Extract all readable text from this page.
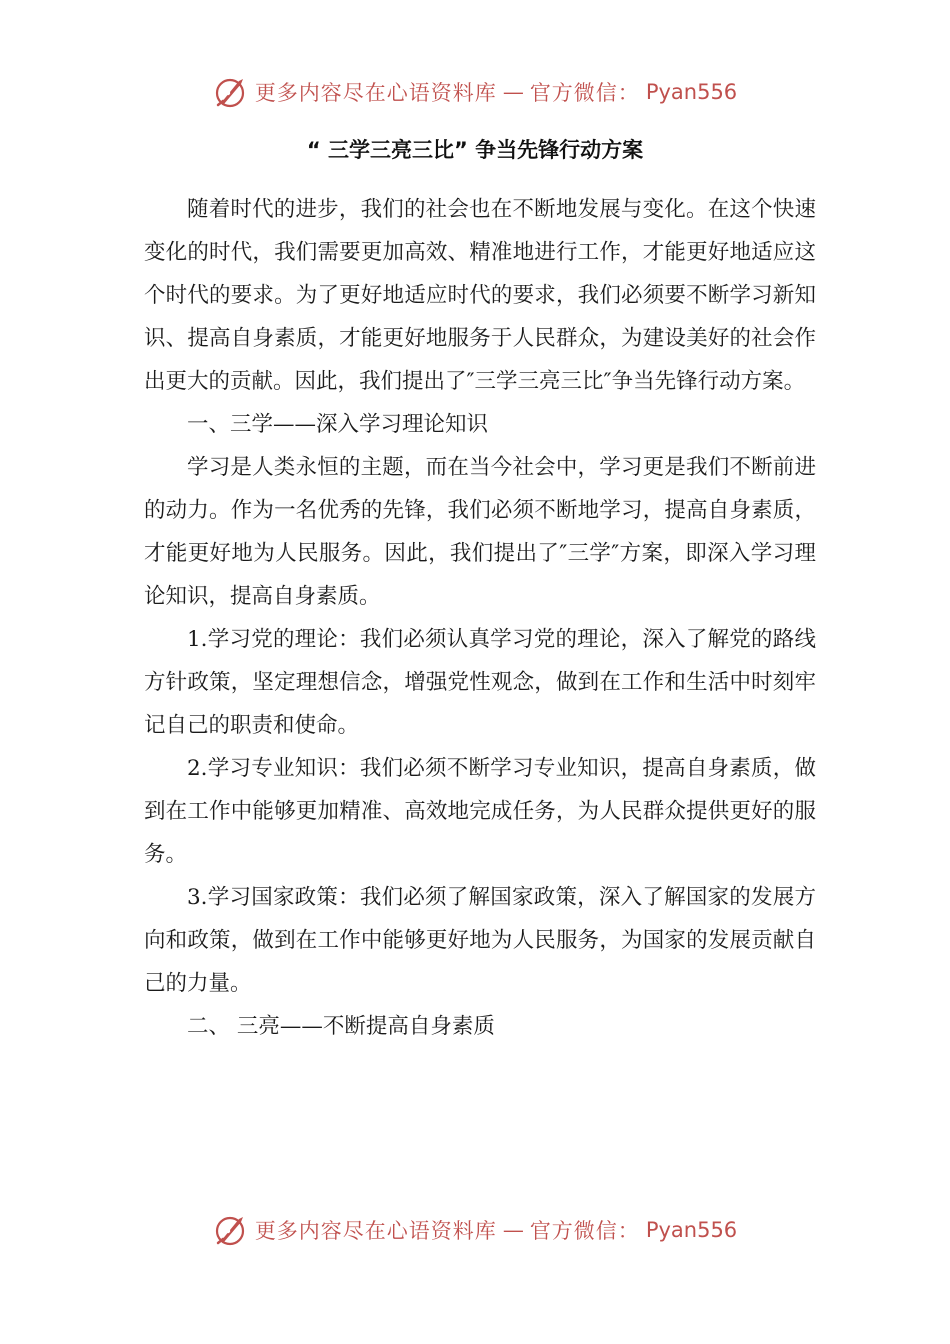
更多内容尽在心语资料库 — 官方微信： Pyan556
“ 三学三亮三比” 争当先锋行动方案

随着时代的进步，我们的社会也在不断地发展与变化。在这个快速变化的时代，我们需要更加高效、精准地进行工作，才能更好地适应这个时代的要求。为了更好地适应时代的要求，我们必须要不断学习新知识、提高自身素质，才能更好地服务于人民群众，为建设美好的社会作出更大的贡献。因此，我们提出了″三学三亮三比″争当先锋行动方案。

一、三学——深入学习理论知识

学习是人类永恒的主题，而在当今社会中，学习更是我们不断前进的动力。作为一名优秀的先锋，我们必须不断地学习，提高自身素质，才能更好地为人民服务。因此，我们提出了″三学″方案，即深入学习理论知识，提高自身素质。

1.学习党的理论：我们必须认真学习党的理论，深入了解党的路线方针政策，坚定理想信念，增强党性观念，做到在工作和生活中时刻牢记自己的职责和使命。

2.学习专业知识：我们必须不断学习专业知识，提高自身素质，做到在工作中能够更加精准、高效地完成任务，为人民群众提供更好的服务。

3.学习国家政策：我们必须了解国家政策，深入了解国家的发展方向和政策，做到在工作中能够更好地为人民服务，为国家的发展贡献自己的力量。

二、 三亮——不断提高自身素质

更多内容尽在心语资料库 — 官方微信： Pyan556
